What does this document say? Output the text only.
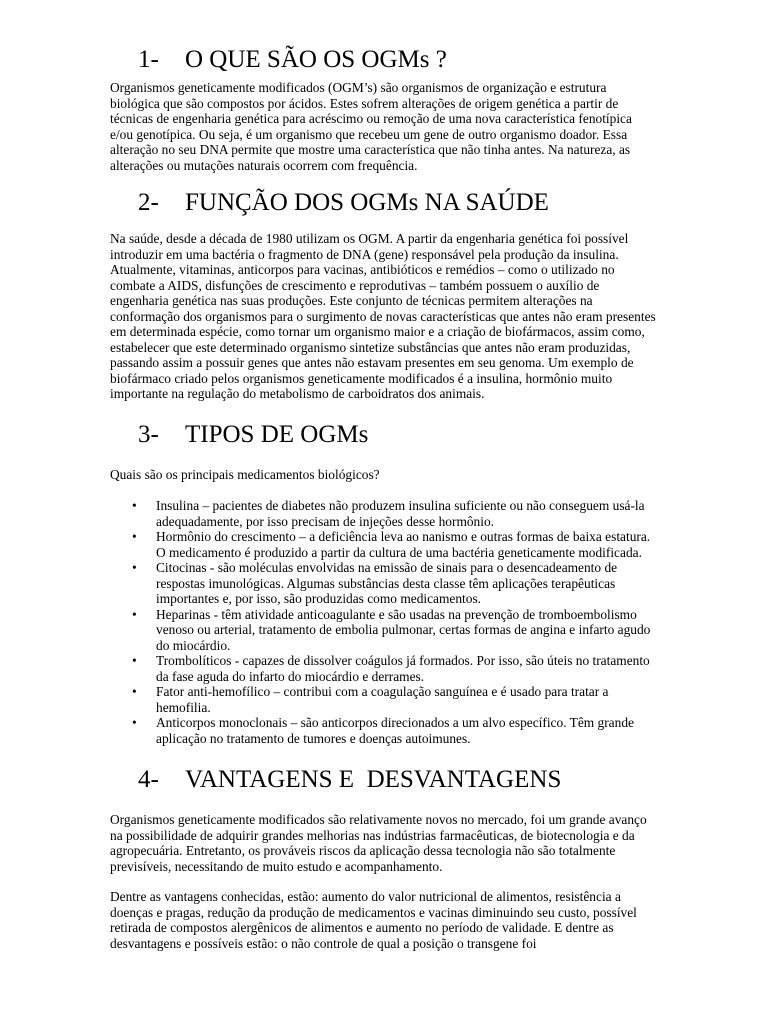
1- O QUE SÃO OS OGMs ?

Organismos geneticamente modificados (OGM’s) são organismos de organização e estrutura biológica que são compostos por ácidos. Estes sofrem alterações de origem genética a partir de técnicas de engenharia genética para acréscimo ou remoção de uma nova característica fenotípica e/ou genotípica. Ou seja, é um organismo que recebeu um gene de outro organismo doador. Essa alteração no seu DNA permite que mostre uma característica que não tinha antes. Na natureza, as alterações ou mutações naturais ocorrem com frequência.

2- FUNÇÃO DOS OGMs NA SAÚDE

Na saúde, desde a década de 1980 utilizam os OGM. A partir da engenharia genética foi possível introduzir em uma bactéria o fragmento de DNA (gene) responsável pela produção da insulina. Atualmente, vitaminas, anticorpos para vacinas, antibióticos e remédios – como o utilizado no combate a AIDS, disfunções de crescimento e reprodutivas – também possuem o auxílio de engenharia genética nas suas produções. Este conjunto de técnicas permitem alterações na conformação dos organismos para o surgimento de novas características que antes não eram presentes em determinada espécie, como tornar um organismo maior e a criação de biofármacos, assim como, estabelecer que este determinado organismo sintetize substâncias que antes não eram produzidas, passando assim a possuir genes que antes não estavam presentes em seu genoma. Um exemplo de biofármaco criado pelos organismos geneticamente modificados é a insulina, hormônio muito importante na regulação do metabolismo de carboidratos dos animais.

3- TIPOS DE OGMs

Quais são os principais medicamentos biológicos?

• Insulina – pacientes de diabetes não produzem insulina suficiente ou não conseguem usá-la adequadamente, por isso precisam de injeções desse hormônio.
• Hormônio do crescimento – a deficiência leva ao nanismo e outras formas de baixa estatura. O medicamento é produzido a partir da cultura de uma bactéria geneticamente modificada.
• Citocinas - são moléculas envolvidas na emissão de sinais para o desencadeamento de respostas imunológicas. Algumas substâncias desta classe têm aplicações terapêuticas importantes e, por isso, são produzidas como medicamentos.
• Heparinas - têm atividade anticoagulante e são usadas na prevenção de tromboembolismo venoso ou arterial, tratamento de embolia pulmonar, certas formas de angina e infarto agudo do miocárdio.
• Trombolíticos - capazes de dissolver coágulos já formados. Por isso, são úteis no tratamento da fase aguda do infarto do miocárdio e derrames.
• Fator anti-hemofílico – contribui com a coagulação sanguínea e é usado para tratar a hemofilia.
• Anticorpos monoclonais – são anticorpos direcionados a um alvo específico. Têm grande aplicação no tratamento de tumores e doenças autoimunes.
4- VANTAGENS E  DESVANTAGENS

Organismos geneticamente modificados são relativamente novos no mercado, foi um grande avanço na possibilidade de adquirir grandes melhorias nas indústrias farmacêuticas, de biotecnologia e da agropecuária. Entretanto, os prováveis riscos da aplicação dessa tecnologia não são totalmente previsíveis, necessitando de muito estudo e acompanhamento.

Dentre as vantagens conhecidas, estão: aumento do valor nutricional de alimentos, resistência a doenças e pragas, redução da produção de medicamentos e vacinas diminuindo seu custo, possível retirada de compostos alergênicos de alimentos e aumento no período de validade. E dentre as desvantagens e possíveis estão: o não controle de qual a posição o transgene foi
